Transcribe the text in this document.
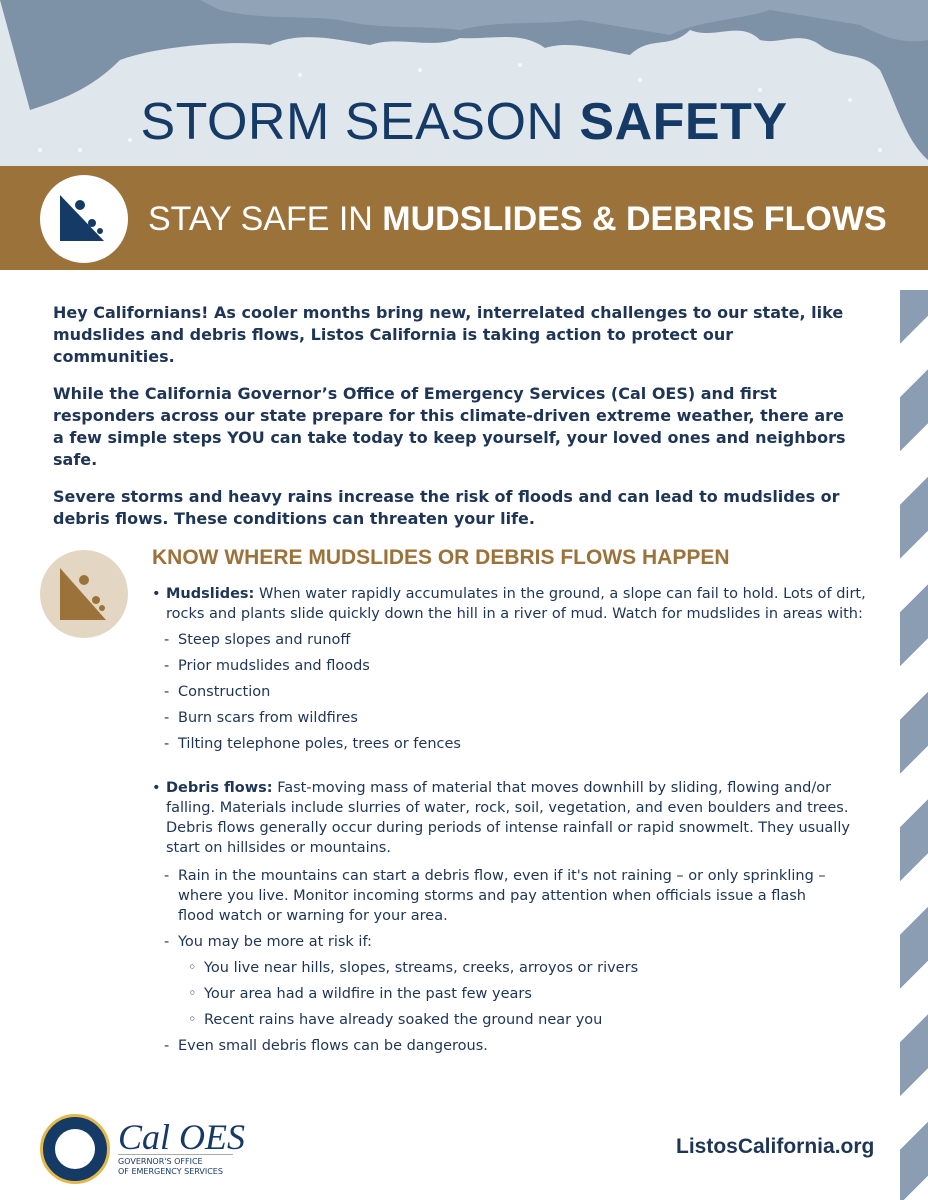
STORM SEASON SAFETY
STAY SAFE IN MUDSLIDES & DEBRIS FLOWS

Hey Californians! As cooler months bring new, interrelated challenges to our state, like mudslides and debris flows, Listos California is taking action to protect our communities.

While the California Governor’s Office of Emergency Services (Cal OES) and first responders across our state prepare for this climate-driven extreme weather, there are a few simple steps YOU can take today to keep yourself, your loved ones and neighbors safe.

Severe storms and heavy rains increase the risk of floods and can lead to mudslides or debris flows. These conditions can threaten your life.

KNOW WHERE MUDSLIDES OR DEBRIS FLOWS HAPPEN
• Mudslides: When water rapidly accumulates in the ground, a slope can fail to hold. Lots of dirt, rocks and plants slide quickly down the hill in a river of mud. Watch for mudslides in areas with:
- Steep slopes and runoff
- Prior mudslides and floods
- Construction
- Burn scars from wildfires
- Tilting telephone poles, trees or fences
• Debris flows: Fast-moving mass of material that moves downhill by sliding, flowing and/or falling. Materials include slurries of water, rock, soil, vegetation, and even boulders and trees. Debris flows generally occur during periods of intense rainfall or rapid snowmelt. They usually start on hillsides or mountains.
- Rain in the mountains can start a debris flow, even if it's not raining – or only sprinkling – where you live. Monitor incoming storms and pay attention when officials issue a flash flood watch or warning for your area.
- You may be more at risk if:
◦ You live near hills, slopes, streams, creeks, arroyos or rivers
◦ Your area had a wildfire in the past few years
◦ Recent rains have already soaked the ground near you
- Even small debris flows can be dangerous.
Cal OES
GOVERNOR'S OFFICE
OF EMERGENCY SERVICES
ListosCalifornia.org
